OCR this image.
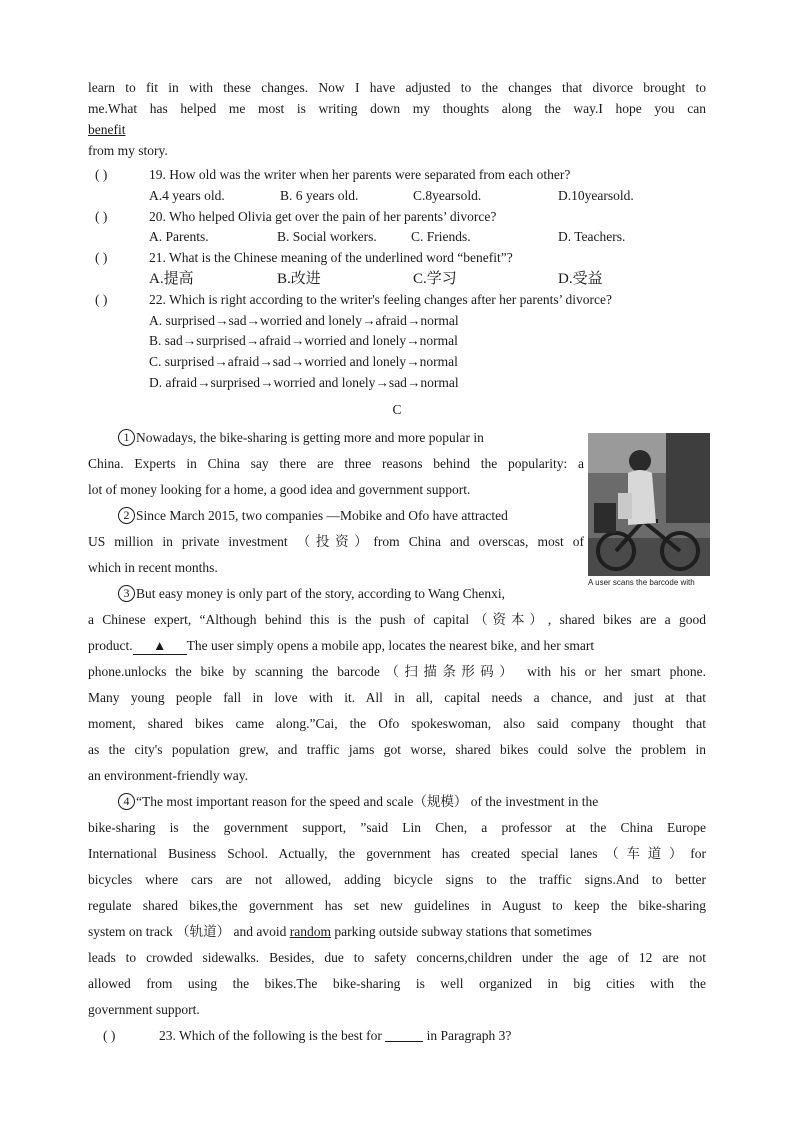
learn to fit in with these changes. Now I have adjusted to the changes that divorce brought to
me.What has helped me most is writing down my thoughts along the way.I hope you can
benefit
from my story.
( )	19. How old was the writer when her parents were separated from each other?
A.4 years old.	B. 6 years old.	C.8yearsold.	D.10yearsold.
( )	20. Who helped Olivia get over the pain of her parents’ divorce?
A. Parents.	B. Social workers.	C. Friends.	D. Teachers.
( )	21. What is the Chinese meaning of the underlined word “benefit”?
A.提高	B.改进	C.学习	D.受益
( )	22. Which is right according to the writer's feeling changes after her parents’ divorce?
A. surprised→sad→worried and lonely→afraid→normal
B. sad→surprised→afraid→worried and lonely→normal
C. surprised→afraid→sad→worried and lonely→normal
D. afraid→surprised→worried and lonely→sad→normal
C
A user scans the barcode with
1 Nowadays, the bike-sharing is getting more and more popular in
China. Experts in China say there are three reasons behind the popularity: a
lot of money looking for a home, a good idea and government support.
2 Since March 2015, two companies —Mobike and Ofo have attracted
US million in private investment （投资）from China and overscas, most of
which in recent months.
3 But easy money is only part of the story, according to Wang Chenxi,
a Chinese expert, “Although behind this is the push of capital（资本）, shared bikes are a good
product. ▲ The user simply opens a mobile app, locates the nearest bike, and her smart
phone.unlocks the bike by scanning the barcode（扫描条形码） with his or her smart phone.
Many young people fall in love with it. All in all, capital needs a chance, and just at that
moment, shared bikes came along.”Cai, the Ofo spokeswoman, also said company thought that
as the city's population grew, and traffic jams got worse, shared bikes could solve the problem in
an environment-friendly way.
4 “The most important reason for the speed and scale（规模） of the investment in the
bike-sharing is the government support, ”said Lin Chen, a professor at the China Europe
International Business School. Actually, the government has created special lanes（车道）for
bicycles where cars are not allowed, adding bicycle signs to the traffic signs.And to better
regulate shared bikes,the government has set new guidelines in August to keep the bike-sharing
system on track （轨道） and avoid random parking outside subway stations that sometimes
leads to crowded sidewalks. Besides, due to safety concerns,children under the age of 12 are not
allowed from using the bikes.The bike-sharing is well organized in big cities with the
government support.
( )	23. Which of the following is the best for	in Paragraph 3?
